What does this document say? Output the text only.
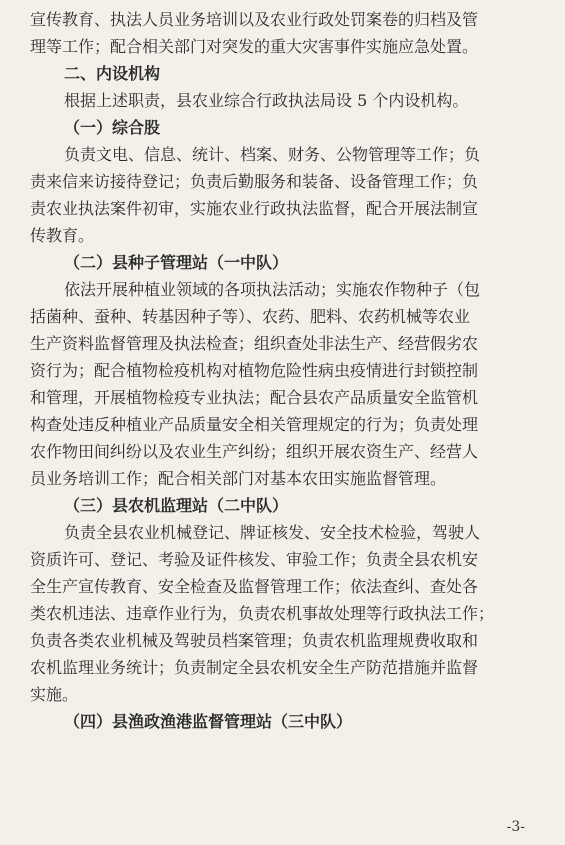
宣传教育、执法人员业务培训以及农业行政处罚案卷的归档及管
理等工作；配合相关部门对突发的重大灾害事件实施应急处置。
二、内设机构
根据上述职责，县农业综合行政执法局设 5 个内设机构。
（一）综合股
负责文电、信息、统计、档案、财务、公物管理等工作；负
责来信来访接待登记；负责后勤服务和装备、设备管理工作；负
责农业执法案件初审，实施农业行政执法监督，配合开展法制宣
传教育。
（二）县种子管理站（一中队）
依法开展种植业领域的各项执法活动；实施农作物种子（包
括菌种、蚕种、转基因种子等）、农药、肥料、农药机械等农业
生产资料监督管理及执法检查；组织查处非法生产、经营假劣农
资行为；配合植物检疫机构对植物危险性病虫疫情进行封锁控制
和管理，开展植物检疫专业执法；配合县农产品质量安全监管机
构查处违反种植业产品质量安全相关管理规定的行为；负责处理
农作物田间纠纷以及农业生产纠纷；组织开展农资生产、经营人
员业务培训工作；配合相关部门对基本农田实施监督管理。
（三）县农机监理站（二中队）
负责全县农业机械登记、牌证核发、安全技术检验，驾驶人
资质许可、登记、考验及证件核发、审验工作；负责全县农机安
全生产宣传教育、安全检查及监督管理工作；依法查纠、查处各
类农机违法、违章作业行为，负责农机事故处理等行政执法工作；
负责各类农业机械及驾驶员档案管理；负责农机监理规费收取和
农机监理业务统计；负责制定全县农机安全生产防范措施并监督
实施。
（四）县渔政渔港监督管理站（三中队）
-3-
